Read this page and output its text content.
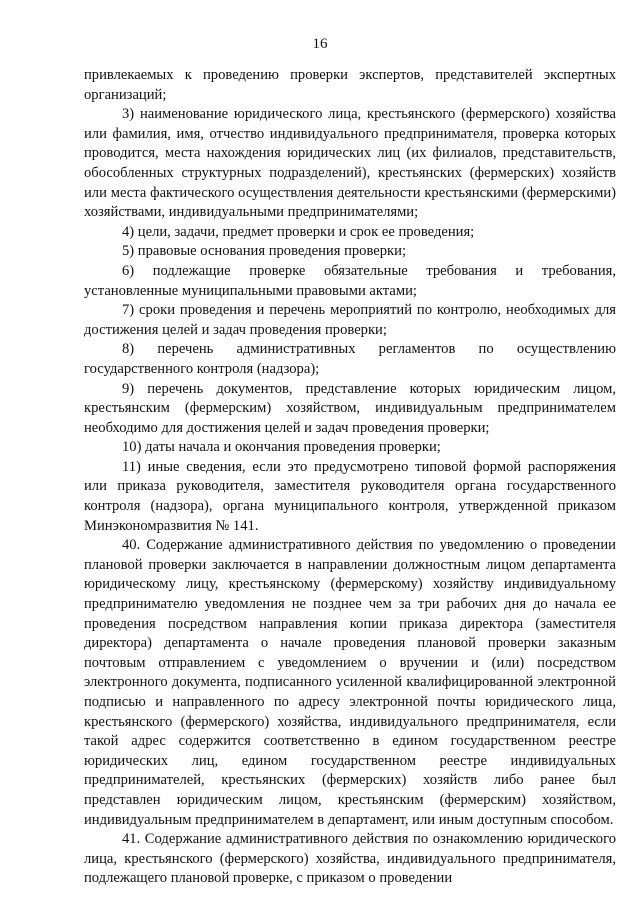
16

привлекаемых к проведению проверки экспертов, представителей экспертных организаций;

3) наименование юридического лица, крестьянского (фермерского) хозяйства или фамилия, имя, отчество индивидуального предпринимателя, проверка которых проводится, места нахождения юридических лиц (их филиалов, представительств, обособленных структурных подразделений), крестьянских (фермерских) хозяйств или места фактического осуществления деятельности крестьянскими (фермерскими) хозяйствами, индивидуальными предпринимателями;

4) цели, задачи, предмет проверки и срок ее проведения;

5) правовые основания проведения проверки;

6) подлежащие проверке обязательные требования и требования, установленные муниципальными правовыми актами;

7) сроки проведения и перечень мероприятий по контролю, необходимых для достижения целей и задач проведения проверки;

8) перечень административных регламентов по осуществлению государственного контроля (надзора);

9) перечень документов, представление которых юридическим лицом, крестьянским (фермерским) хозяйством, индивидуальным предпринимателем необходимо для достижения целей и задач проведения проверки;

10) даты начала и окончания проведения проверки;

11) иные сведения, если это предусмотрено типовой формой распоряжения или приказа руководителя, заместителя руководителя органа государственного контроля (надзора), органа муниципального контроля, утвержденной приказом Минэкономразвития № 141.

40. Содержание административного действия по уведомлению о проведении плановой проверки заключается в направлении должностным лицом департамента юридическому лицу, крестьянскому (фермерскому) хозяйству индивидуальному предпринимателю уведомления не позднее чем за три рабочих дня до начала ее проведения посредством направления копии приказа директора (заместителя директора) департамента о начале проведения плановой проверки заказным почтовым отправлением с уведомлением о вручении и (или) посредством электронного документа, подписанного усиленной квалифицированной электронной подписью и направленного по адресу электронной почты юридического лица, крестьянского (фермерского) хозяйства, индивидуального предпринимателя, если такой адрес содержится соответственно в едином государственном реестре юридических лиц, едином государственном реестре индивидуальных предпринимателей, крестьянских (фермерских) хозяйств либо ранее был представлен юридическим лицом, крестьянским (фермерским) хозяйством, индивидуальным предпринимателем в департамент, или иным доступным способом.

41. Содержание административного действия по ознакомлению юридического лица, крестьянского (фермерского) хозяйства, индивидуального предпринимателя, подлежащего плановой проверке, с приказом о проведении
